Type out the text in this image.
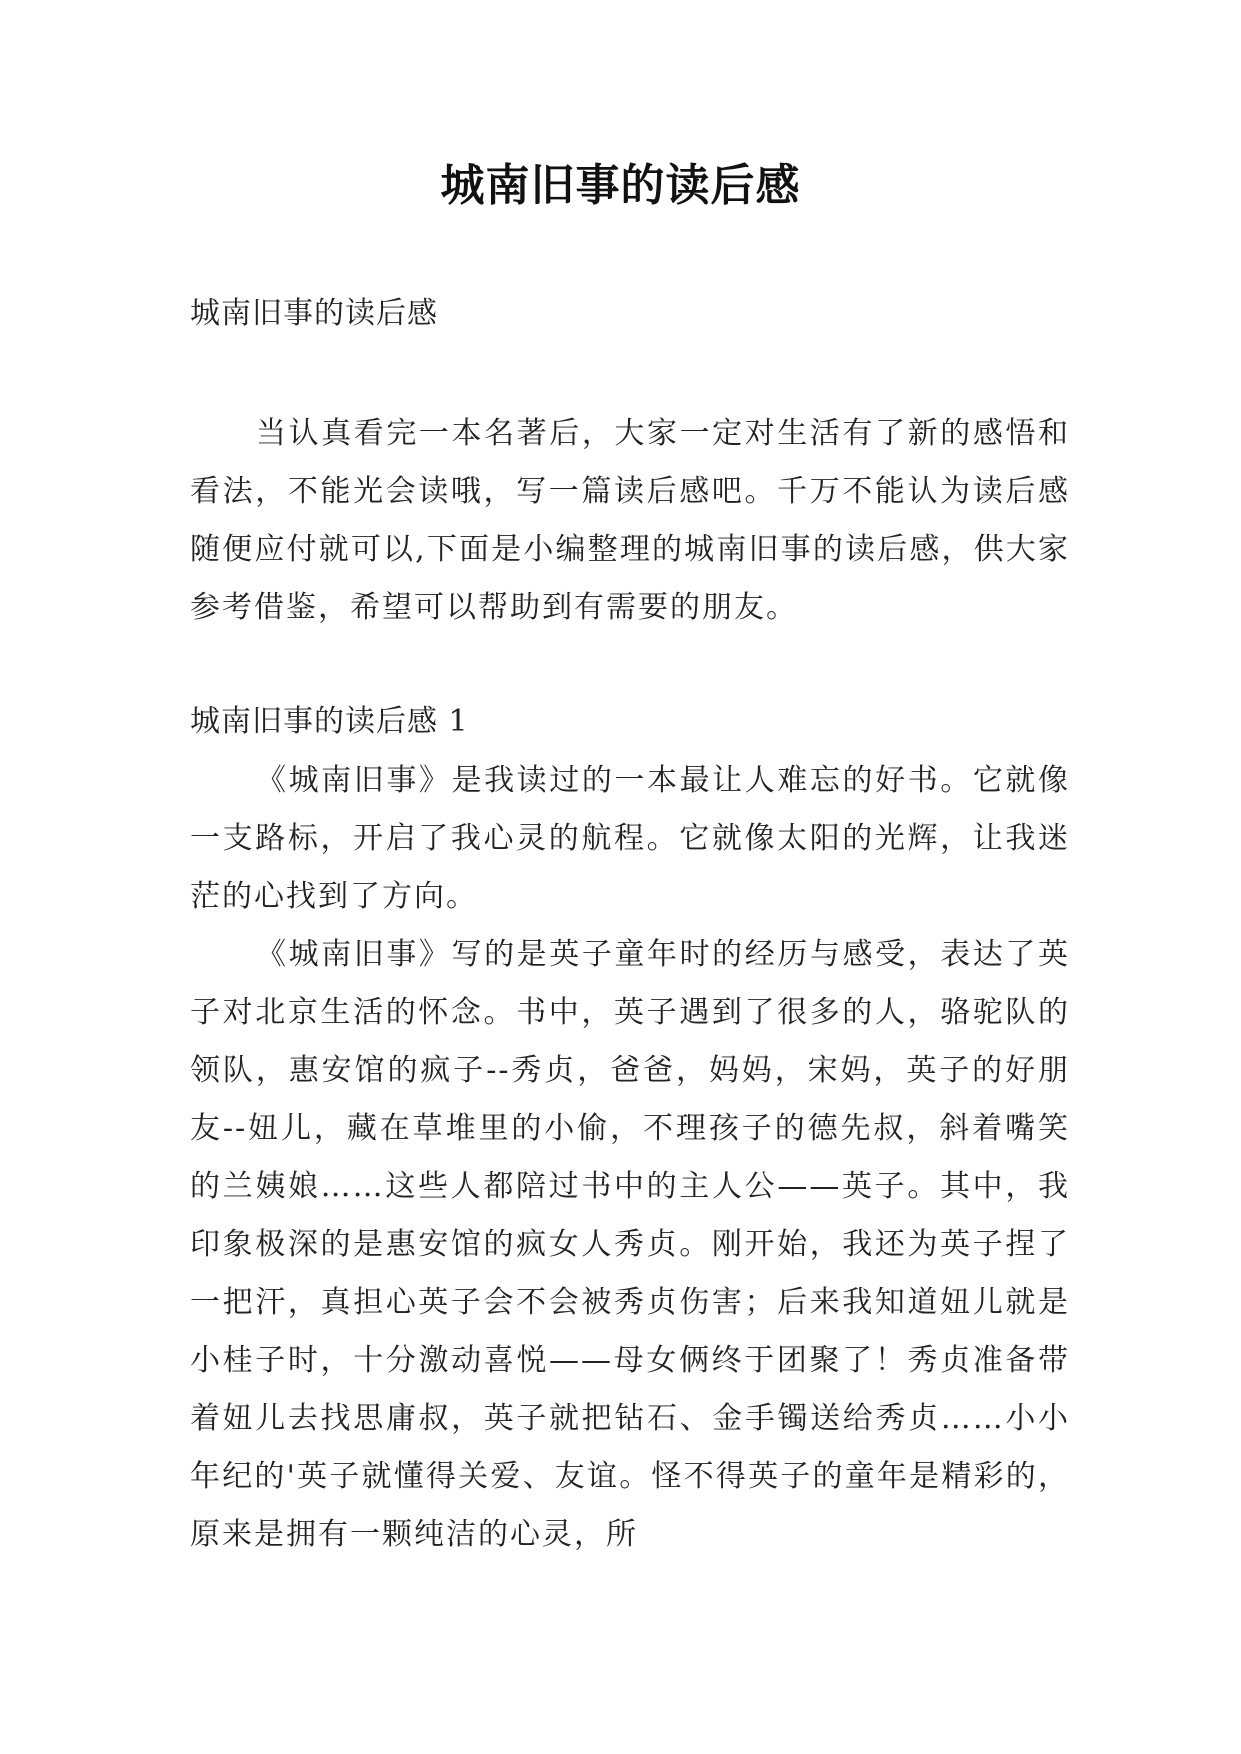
城南旧事的读后感
城南旧事的读后感

当认真看完一本名著后，大家一定对生活有了新的感悟和看法，不能光会读哦，写一篇读后感吧。千万不能认为读后感随便应付就可以,下面是小编整理的城南旧事的读后感，供大家参考借鉴，希望可以帮助到有需要的朋友。

城南旧事的读后感 1

《城南旧事》是我读过的一本最让人难忘的好书。它就像一支路标，开启了我心灵的航程。它就像太阳的光辉，让我迷茫的心找到了方向。

《城南旧事》写的是英子童年时的经历与感受，表达了英子对北京生活的怀念。书中，英子遇到了很多的人，骆驼队的领队，惠安馆的疯子--秀贞，爸爸，妈妈，宋妈，英子的好朋友--妞儿，藏在草堆里的小偷，不理孩子的德先叔，斜着嘴笑的兰姨娘……这些人都陪过书中的主人公——英子。其中，我印象极深的是惠安馆的疯女人秀贞。刚开始，我还为英子捏了一把汗，真担心英子会不会被秀贞伤害；后来我知道妞儿就是小桂子时，十分激动喜悦——母女俩终于团聚了！秀贞准备带着妞儿去找思庸叔，英子就把钻石、金手镯送给秀贞……小小年纪的'英子就懂得关爱、友谊。怪不得英子的童年是精彩的，原来是拥有一颗纯洁的心灵，所
